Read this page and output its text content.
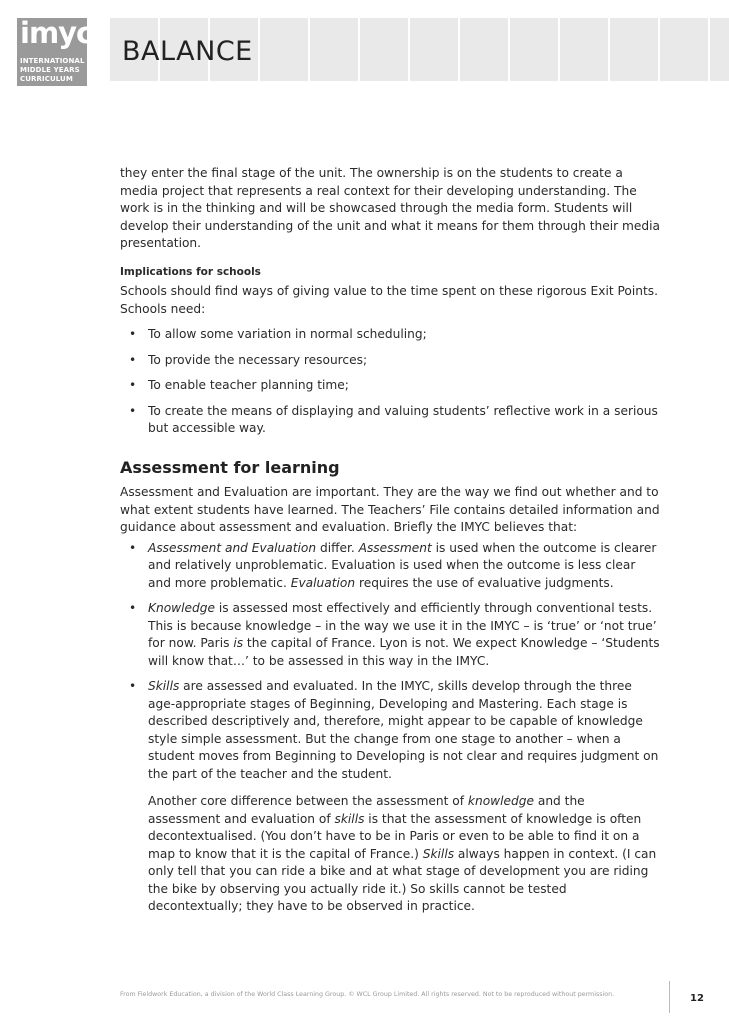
imyc
INTERNATIONAL
MIDDLE YEARS
CURRICULUM
BALANCE

they enter the final stage of the unit. The ownership is on the students to create a media project that represents a real context for their developing understanding. The work is in the thinking and will be showcased through the media form. Students will develop their understanding of the unit and what it means for them through their media presentation.

Implications for schools

Schools should find ways of giving value to the time spent on these rigorous Exit Points. Schools need:

• To allow some variation in normal scheduling;
• To provide the necessary resources;
• To enable teacher planning time;
• To create the means of displaying and valuing students’ reflective work in a serious but accessible way.
Assessment for learning

Assessment and Evaluation are important. They are the way we find out whether and to what extent students have learned. The Teachers’ File contains detailed information and guidance about assessment and evaluation. Briefly the IMYC believes that:

• Assessment and Evaluation differ. Assessment is used when the outcome is clearer and relatively unproblematic. Evaluation is used when the outcome is less clear and more problematic. Evaluation requires the use of evaluative judgments.
• Knowledge is assessed most effectively and efficiently through conventional tests. This is because knowledge – in the way we use it in the IMYC – is ‘true’ or ‘not true’ for now. Paris is the capital of France. Lyon is not. We expect Knowledge – ‘Students will know that…’ to be assessed in this way in the IMYC.
• Skills are assessed and evaluated. In the IMYC, skills develop through the three age-appropriate stages of Beginning, Developing and Mastering. Each stage is described descriptively and, therefore, might appear to be capable of knowledge style simple assessment. But the change from one stage to another – when a student moves from Beginning to Developing is not clear and requires judgment on the part of the teacher and the student.

Another core difference between the assessment of knowledge and the assessment and evaluation of skills is that the assessment of knowledge is often decontextualised. (You don’t have to be in Paris or even to be able to find it on a map to know that it is the capital of France.) Skills always happen in context. (I can only tell that you can ride a bike and at what stage of development you are riding the bike by observing you actually ride it.) So skills cannot be tested decontextually; they have to be observed in practice.

From Fieldwork Education, a division of the World Class Learning Group. © WCL Group Limited. All rights reserved. Not to be reproduced without permission.	12
